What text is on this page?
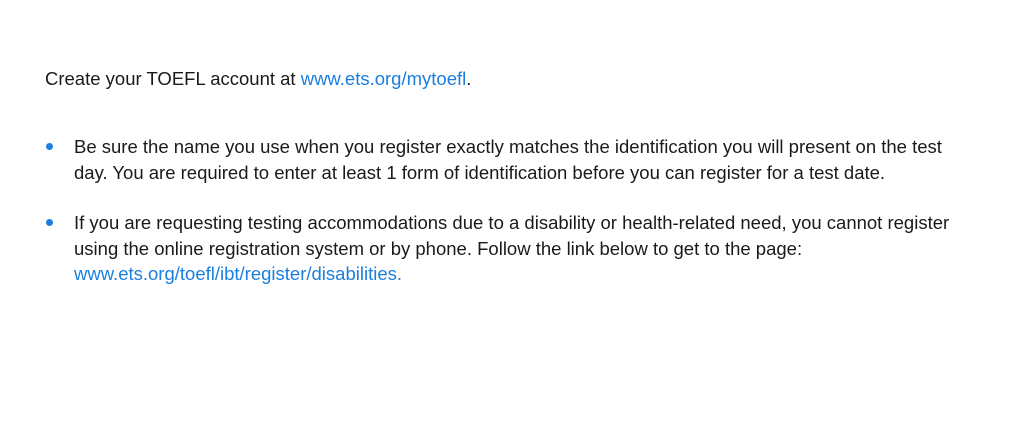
Create your TOEFL account at www.ets.org/mytoefl.

Be sure the name you use when you register exactly matches the identification you will present on the test day. You are required to enter at least 1 form of identification before you can register for a test date.
If you are requesting testing accommodations due to a disability or health-related need, you cannot register using the online registration system or by phone. Follow the link below to get to the page: www.ets.org/toefl/ibt/register/disabilities.
